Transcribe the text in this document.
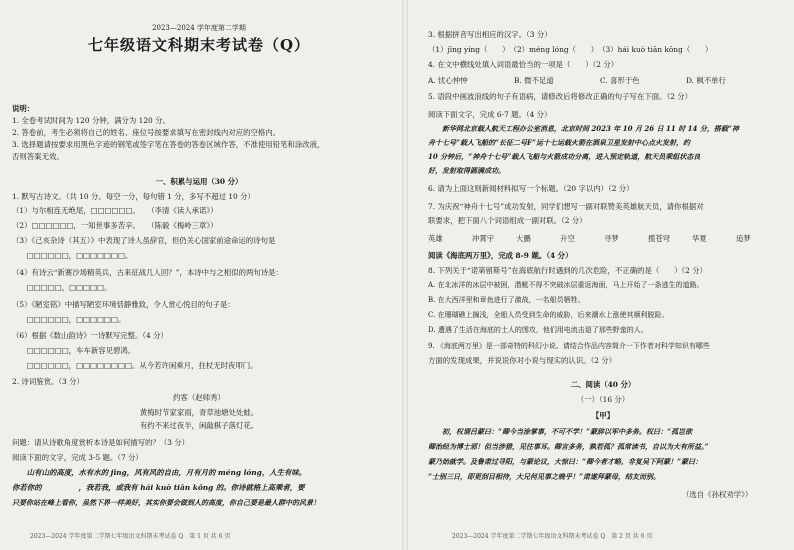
2023—2024 学年度第二学期
七年级语文科期末考试卷（Q）
说明：
1. 全卷考试时间为 120 分钟，满分为 120 分。
2. 答卷前，考生必须将自己的姓名、座位号按要求填写在密封线内对应的空格内。
3. 选择题请按要求用黑色字迹的钢笔或签字笔在答卷的答卷区域作答，不准使用铅笔和涂改液，
否则答案无效。
一、积累与运用（30 分）
1. 默写古诗文。（共 10 分。每空一分，每句错 1 分，多写不超过 10 分）
（1）与尔相连无绝尾，□□□□□□。　　（李清《读人承诺》）
（2）□□□□□□，一知世事多苦辛。　　（陈毅《梅岭三章》）
（3）《己亥杂诗（其五）》中表现了诗人虽辞官，但仍关心国家前途命运的诗句是
　　□□□□□□，□□□□□□□。
（4）有诗云“新赛沙场精英兵，古来征战几人回？”，本诗中与之相似的两句诗是：
　　□□□□□，□□□□□。
（5）《陋室铭》中描写陋室环境恬静雅致，令人赏心悦目的句子是：
　　□□□□□□，□□□□□□。
（6）根据《数山韵诗》一诗默写完整。（4 分）
　　□□□□□□，车车新容见碧鸿。
　　□□□□□□，□□□□□□□□。从今若许闲乘月，拄杖无时夜叩门。
2. 诗词鉴赏。（3 分）
约客（赵师秀）
黄梅时节家家雨，青草池塘处处蛙。
有约不来过夜半，闲敲棋子落灯花。
问题：请从诗歌角度赏析本诗是如何描写的？（3 分）
阅读下面的文字，完成 3-5 题。（7 分）
　　山有山的高度，水有水的 jīng，风有风的自由，月有月的 méng lóng，人生有味。
你若你的　　　　　，我若我，或我有 hái kuò tiān kōng 的。你诗就格上高乘者，要
只要你站在峰上看你，虽然下界一样美好，其实你要会做到人的高度，你自己要是最人群中的风景！
2023—2024 学年度第二学期七年级语文科期末考试卷 Q　第 1 页 共 6 页
3. 根据拼音写出相应的汉字。（3 分）
（1）jīng yíng（　　）　（2）méng lóng（　　）　（3）hái kuò tiān kōng（　　）
4. 在文中横线处填入词语最恰当的一项是（　　）（2 分）
A. 忧心忡忡	B. 微不足道	C. 喜形于色	D. 枫不单行
5. 语段中画波浪线的句子有语病，请修改后将修改正确的句子写在下面。（2 分）
阅读下面文字，完成 6-7 题。（4 分）
　　新华网北京载人航天工程办公室消息，北京时间 2023 年 10 月 26 日 11 时 14 分，搭载“神
舟十七号”载人飞船的“长征二号F”运十七运载火箭在酒泉卫星发射中心点火发射，约
10 分钟后，“神舟十七号”载人飞船与火箭成功分离，进入预定轨道，航天员乘组状态良
好，发射取得圆满成功。
6. 请为上面这则新闻材料拟写一个标题。（20 字以内）（2 分）
7. 为庆祝“神舟十七号”成功发射，同学们想写一副对联赞美英雄航天员，请你根据对
联要求，把下面八个词语组成一副对联。（2 分）
英雄	冲霄宇	大鹏	升空	寻梦	揽苍穹	华夏	追梦
阅读《海底两万里》，完成 8-9 题。（4 分）
8. 下列关于“诺第留斯号”在海底航行时遇到的几次危险，不正确的是（　　）（2 分）
A. 在北冰洋的冰层中被困，潜艇不得不突破冰层重返海面，马上开始了一条逃生的道路。
B. 在大西洋里和章鱼进行了激战，一名船员牺牲。
C. 在珊瑚礁上搁浅，全船人员受到生命的威胁，后来潮水上涨使其顺利脱险。
D. 遭遇了生活在海底的土人的围攻，他们用电流击退了那些野蛮的人。
9. 《海底两万里》是一部奇特的科幻小说。请结合作品内容简介一下作者对科学知识有哪些
方面的发现成果，并说说你对小说与现实的认识。（2 分）
二、阅读（40 分）
（一）（16 分）
【甲】
　　初，权谓吕蒙曰：“卿今当涂掌事，不可不学！”蒙辞以军中多务。权曰：“孤岂欲
卿治经为博士邪！但当涉猎，见往事耳。卿言多务，孰若孤？孤常读书，自以为大有所益。”
蒙乃始就学。及鲁肃过寻阳，与蒙论议，大惊曰：“卿今者才略，非复吴下阿蒙！”蒙曰：
“士别三日，即更刮目相待，大兄何见事之晚乎！”肃遂拜蒙母，结友而别。
（选自《孙权劝学》）
2023—2024 学年度第二学期七年级语文科期末考试卷 Q　第 2 页 共 6 页
